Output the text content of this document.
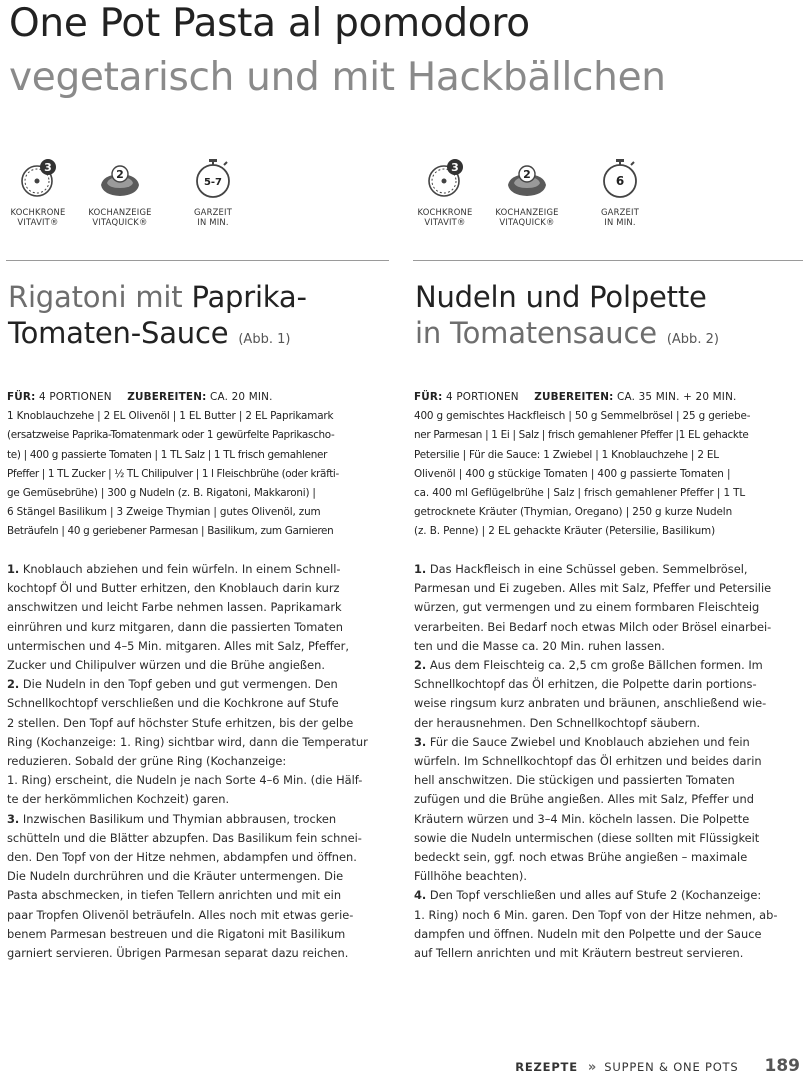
One Pot Pasta al pomodoro
vegetarisch und mit Hackbällchen
3
KOCHKRONE
VITAVIT®
2
KOCHANZEIGE
VITAQUICK®
5-7
GARZEIT
IN MIN.
Rigatoni mit Paprika-
Tomaten-Sauce (Abb. 1)
FÜR: 4 PORTIONEN ZUBEREITEN: CA. 20 MIN.
1 Knoblauchzehe | 2 EL Olivenöl | 1 EL Butter | 2 EL Paprikamark
(ersatzweise Paprika-Tomatenmark oder 1 gewürfelte Paprikascho-
te) | 400 g passierte Tomaten | 1 TL Salz | 1 TL frisch gemahlener
Pfeffer | 1 TL Zucker | ½ TL Chilipulver | 1 l Fleischbrühe (oder kräfti-
ge Gemüsebrühe) | 300 g Nudeln (z. B. Rigatoni, Makkaroni) |
6 Stängel Basilikum | 3 Zweige Thymian | gutes Olivenöl, zum
Beträufeln | 40 g geriebener Parmesan | Basilikum, zum Garnieren
1. Knoblauch abziehen und fein würfeln. In einem Schnell-
kochtopf Öl und Butter erhitzen, den Knoblauch darin kurz
anschwitzen und leicht Farbe nehmen lassen. Paprikamark
einrühren und kurz mitgaren, dann die passierten Tomaten
untermischen und 4–5 Min. mitgaren. Alles mit Salz, Pfeffer,
Zucker und Chilipulver würzen und die Brühe angießen.
2. Die Nudeln in den Topf geben und gut vermengen. Den
Schnellkochtopf verschließen und die Kochkrone auf Stufe
2 stellen. Den Topf auf höchster Stufe erhitzen, bis der gelbe
Ring (Kochanzeige: 1. Ring) sichtbar wird, dann die Temperatur
reduzieren. Sobald der grüne Ring (Kochanzeige:
1. Ring) erscheint, die Nudeln je nach Sorte 4–6 Min. (die Hälf-
te der herkömmlichen Kochzeit) garen.
3. Inzwischen Basilikum und Thymian abbrausen, trocken
schütteln und die Blätter abzupfen. Das Basilikum fein schnei-
den. Den Topf von der Hitze nehmen, abdampfen und öffnen.
Die Nudeln durchrühren und die Kräuter untermengen. Die
Pasta abschmecken, in tiefen Tellern anrichten und mit ein
paar Tropfen Olivenöl beträufeln. Alles noch mit etwas gerie-
benem Parmesan bestreuen und die Rigatoni mit Basilikum
garniert servieren. Übrigen Parmesan separat dazu reichen.
3
KOCHKRONE
VITAVIT®
2
KOCHANZEIGE
VITAQUICK®
6
GARZEIT
IN MIN.
Nudeln und Polpette
in Tomatensauce (Abb. 2)
FÜR: 4 PORTIONEN ZUBEREITEN: CA. 35 MIN. + 20 MIN.
400 g gemischtes Hackfleisch | 50 g Semmelbrösel | 25 g geriebe-
ner Parmesan | 1 Ei | Salz | frisch gemahlener Pfeffer |1 EL gehackte
Petersilie | Für die Sauce: 1 Zwiebel | 1 Knoblauchzehe | 2 EL
Olivenöl | 400 g stückige Tomaten | 400 g passierte Tomaten |
ca. 400 ml Geflügelbrühe | Salz | frisch gemahlener Pfeffer | 1 TL
getrocknete Kräuter (Thymian, Oregano) | 250 g kurze Nudeln
(z. B. Penne) | 2 EL gehackte Kräuter (Petersilie, Basilikum)
1. Das Hackfleisch in eine Schüssel geben. Semmelbrösel,
Parmesan und Ei zugeben. Alles mit Salz, Pfeffer und Petersilie
würzen, gut vermengen und zu einem formbaren Fleischteig
verarbeiten. Bei Bedarf noch etwas Milch oder Brösel einarbei-
ten und die Masse ca. 20 Min. ruhen lassen.
2. Aus dem Fleischteig ca. 2,5 cm große Bällchen formen. Im
Schnellkochtopf das Öl erhitzen, die Polpette darin portions-
weise ringsum kurz anbraten und bräunen, anschließend wie-
der herausnehmen. Den Schnellkochtopf säubern.
3. Für die Sauce Zwiebel und Knoblauch abziehen und fein
würfeln. Im Schnellkochtopf das Öl erhitzen und beides darin
hell anschwitzen. Die stückigen und passierten Tomaten
zufügen und die Brühe angießen. Alles mit Salz, Pfeffer und
Kräutern würzen und 3–4 Min. köcheln lassen. Die Polpette
sowie die Nudeln untermischen (diese sollten mit Flüssigkeit
bedeckt sein, ggf. noch etwas Brühe angießen – maximale
Füllhöhe beachten).
4. Den Topf verschließen und alles auf Stufe 2 (Kochanzeige:
1. Ring) noch 6 Min. garen. Den Topf von der Hitze nehmen, ab-
dampfen und öffnen. Nudeln mit den Polpette und der Sauce
auf Tellern anrichten und mit Kräutern bestreut servieren.
REZEPTE » SUPPEN & ONE POTS 189
